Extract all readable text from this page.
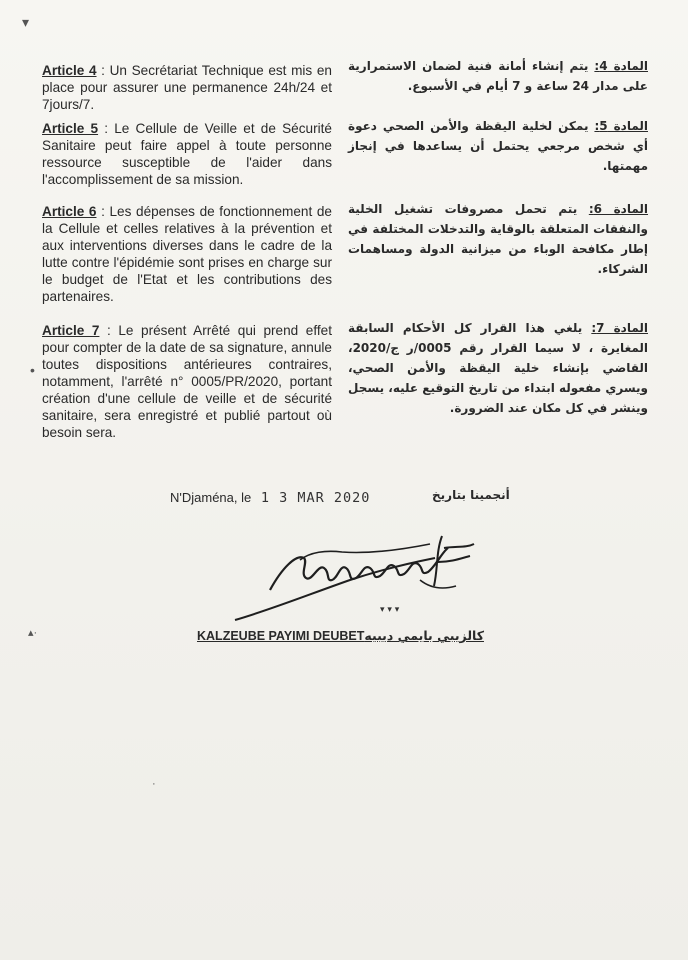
▾
Article 4 : Un Secrétariat Technique est mis en place pour assurer une permanence 24h/24 et 7jours/7.
المادة 4: يتم إنشاء أمانة فنية لضمان الاستمرارية على مدار 24 ساعة و 7 أيام في الأسبوع.
Article 5 : Le Cellule de Veille et de Sécurité Sanitaire peut faire appel à toute personne ressource susceptible de l'aider dans l'accomplissement de sa mission.
المادة 5: يمكن لخلية اليقظة والأمن الصحي دعوة أي شخص مرجعي يحتمل أن يساعدها في إنجاز مهمتها.
Article 6 : Les dépenses de fonctionnement de la Cellule et celles relatives à la prévention et aux interventions diverses dans le cadre de la lutte contre l'épidémie sont prises en charge sur le budget de l'Etat et les contributions des partenaires.
المادة 6: يتم تحمل مصروفات تشغيل الخلية والنفقات المتعلقة بالوقاية والتدخلات المختلفة في إطار مكافحة الوباء من ميزانية الدولة ومساهمات الشركاء.
Article 7 : Le présent Arrêté qui prend effet pour compter de la date de sa signature, annule toutes dispositions antérieures contraires, notamment, l'arrêté n° 0005/PR/2020, portant création d'une cellule de veille et de sécurité sanitaire, sera enregistré et publié partout où besoin sera.
المادة 7: يلغي هذا القرار كل الأحكام السابقة المغايرة ، لا سيما القرار رقم 0005/ر ج/2020، القاضي بإنشاء خلية اليقظة والأمن الصحي، ويسري مفعوله ابتداء من تاريخ التوقيع عليه، يسجل وينشر في كل مكان عند الضرورة.
•
N'Djaména, le 1 3 MAR 2020	أنجمينا بتاريخ
▾ ▾ ▾
KALZEUBE PAYIMI DEUBETكالزيبي بايمي ديبيه
▴·
·
